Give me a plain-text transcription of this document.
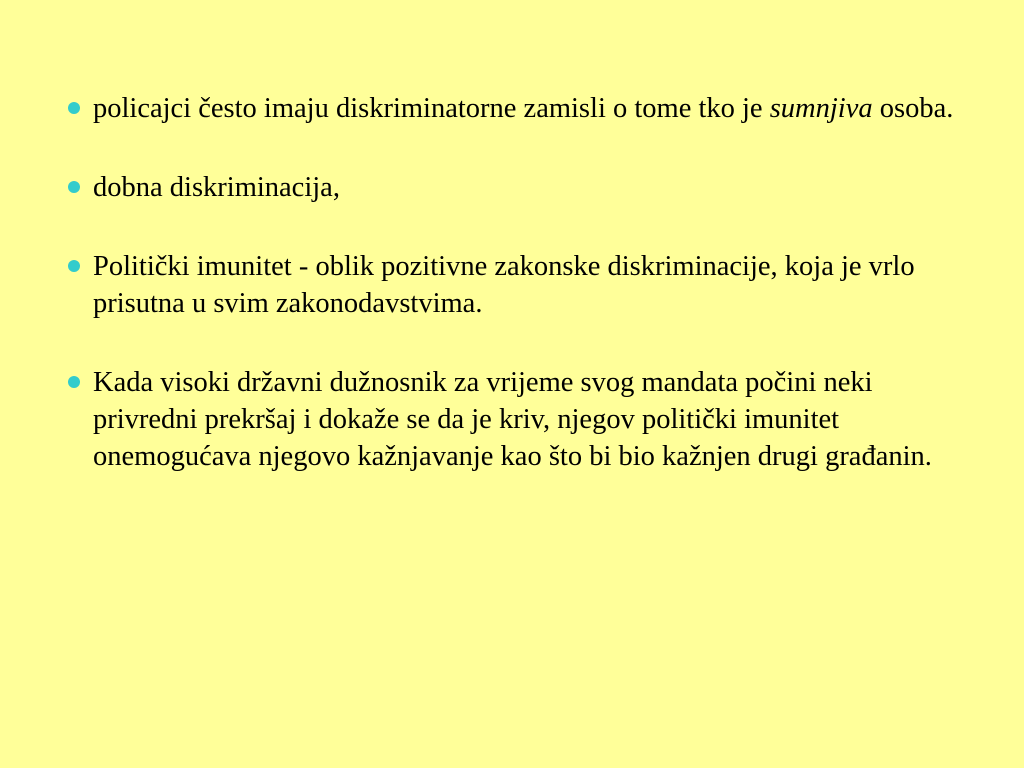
policajci često imaju diskriminatorne zamisli o tome tko je sumnjiva osoba.
dobna diskriminacija,
Politički imunitet - oblik pozitivne zakonske diskriminacije, koja je vrlo prisutna u svim zakonodavstvima.
Kada visoki državni dužnosnik za vrijeme svog mandata počini neki privredni prekršaj i dokaže se da je kriv, njegov politički imunitet onemogućava njegovo kažnjavanje kao što bi bio kažnjen drugi građanin.
